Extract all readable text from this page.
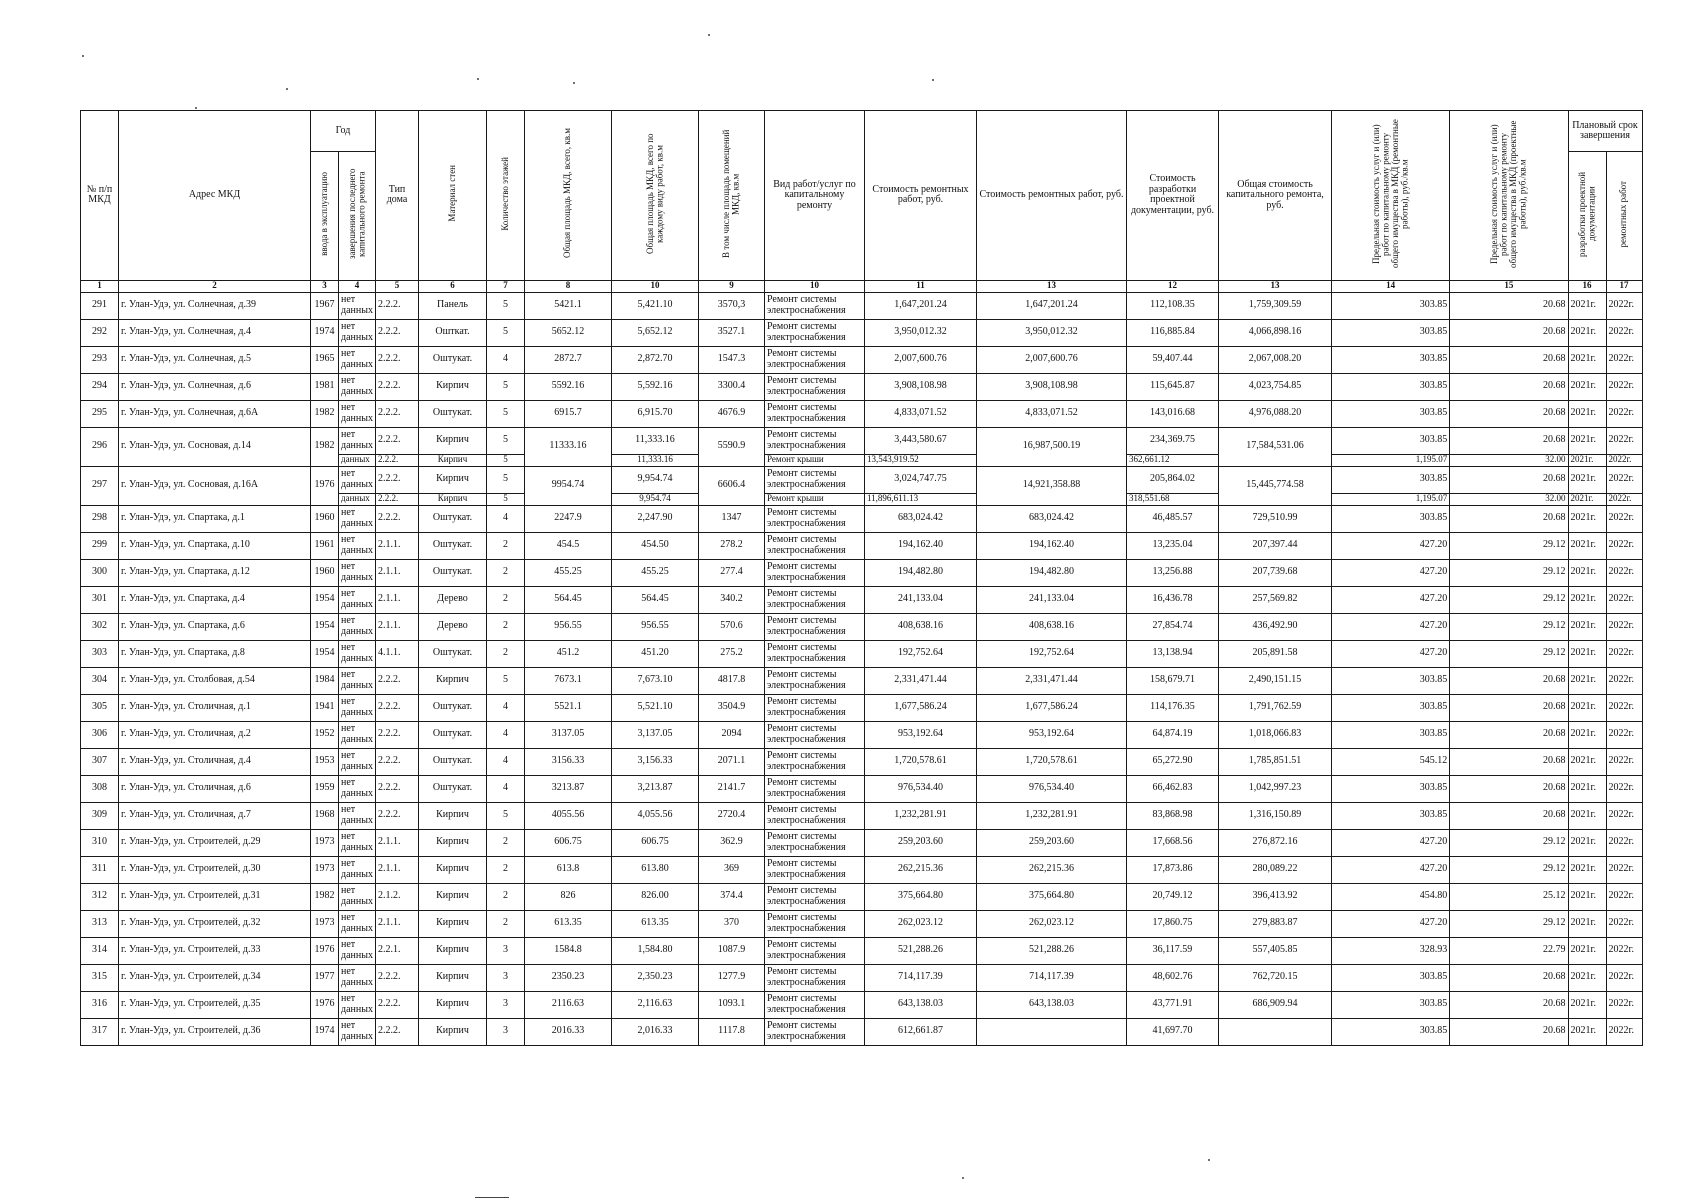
№ п/п МКД	Адрес МКД	Год		Тип дома	Материал стен	Количество этажей	Общая площадь МКД, всего, кв.м	Общая площадь МКД, всего по каждому виду работ, кв.м	В том числе площадь помещений МКД, кв.м	Вид работ/услуг по капитальному ремонту	Стоимость ремонтных работ, руб.	Стоимость ремонтных работ, руб.	Стоимость разработки проектной документации, руб.	Общая стоимость капитального ремонта, руб.	Предельная стоимость услуг и (или) работ по капитальному ремонту общего имущества в МКД (ремонтные работы), руб./кв.м	Предельная стоимость услуг и (или) работ по капитальному ремонту общего имущества в МКД (проектные работы), руб./кв.м	Плановый срок завершения	
		ввода в эксплуатацию	завершения последнего капитального ремонта														разработки проектной документации	ремонтных работ
1	2	3	4	5	6	7	8	10	9	10	11	13	12	13	14	15	16	17
291	г. Улан-Удэ, ул. Солнечная, д.39	1967	нет данных	2.2.2.	Панель	5	5421.1	5,421.10	3570,3	Ремонт системы электроснабжения	1,647,201.24	1,647,201.24	112,108.35	1,759,309.59	303.85	20.68	2021г.	2022г.
292	г. Улан-Удэ, ул. Солнечная, д.4	1974	нет данных	2.2.2.	Ошткат.	5	5652.12	5,652.12	3527.1	Ремонт системы электроснабжения	3,950,012.32	3,950,012.32	116,885.84	4,066,898.16	303.85	20.68	2021г.	2022г.
293	г. Улан-Удэ, ул. Солнечная, д.5	1965	нет данных	2.2.2.	Оштукат.	4	2872.7	2,872.70	1547.3	Ремонт системы электроснабжения	2,007,600.76	2,007,600.76	59,407.44	2,067,008.20	303.85	20.68	2021г.	2022г.
294	г. Улан-Удэ, ул. Солнечная, д.6	1981	нет данных	2.2.2.	Кирпич	5	5592.16	5,592.16	3300.4	Ремонт системы электроснабжения	3,908,108.98	3,908,108.98	115,645.87	4,023,754.85	303.85	20.68	2021г.	2022г.
295	г. Улан-Удэ, ул. Солнечная, д.6А	1982	нет данных	2.2.2.	Оштукат.	5	6915.7	6,915.70	4676.9	Ремонт системы электроснабжения	4,833,071.52	4,833,071.52	143,016.68	4,976,088.20	303.85	20.68	2021г.	2022г.
296	г. Улан-Удэ, ул. Сосновая, д.14	1982	нет данных	2.2.2.	Кирпич	5	11333.16	11,333.16	5590.9	Ремонт системы электроснабжения	3,443,580.67	16,987,500.19	234,369.75	17,584,531.06	303.85	20.68	2021г.	2022г.
			данных	2.2.2.	Кирпич	5		11,333.16		Ремонт крыши	13,543,919.52		362,661.12		1,195.07	32.00	2021г.	2022г.
297	г. Улан-Удэ, ул. Сосновая, д.16А	1976	нет данных	2.2.2.	Кирпич	5	9954.74	9,954.74	6606.4	Ремонт системы электроснабжения	3,024,747.75	14,921,358.88	205,864.02	15,445,774.58	303.85	20.68	2021г.	2022г.
			данных	2.2.2.	Кирпич	5		9,954.74		Ремонт крыши	11,896,611.13		318,551.68		1,195.07	32.00	2021г.	2022г.
298	г. Улан-Удэ, ул. Спартака, д.1	1960	нет данных	2.2.2.	Оштукат.	4	2247.9	2,247.90	1347	Ремонт системы электроснабжения	683,024.42	683,024.42	46,485.57	729,510.99	303.85	20.68	2021г.	2022г.
299	г. Улан-Удэ, ул. Спартака, д.10	1961	нет данных	2.1.1.	Оштукат.	2	454.5	454.50	278.2	Ремонт системы электроснабжения	194,162.40	194,162.40	13,235.04	207,397.44	427.20	29.12	2021г.	2022г.
300	г. Улан-Удэ, ул. Спартака, д.12	1960	нет данных	2.1.1.	Оштукат.	2	455.25	455.25	277.4	Ремонт системы электроснабжения	194,482.80	194,482.80	13,256.88	207,739.68	427.20	29.12	2021г.	2022г.
301	г. Улан-Удэ, ул. Спартака, д.4	1954	нет данных	2.1.1.	Дерево	2	564.45	564.45	340.2	Ремонт системы электроснабжения	241,133.04	241,133.04	16,436.78	257,569.82	427.20	29.12	2021г.	2022г.
302	г. Улан-Удэ, ул. Спартака, д.6	1954	нет данных	2.1.1.	Дерево	2	956.55	956.55	570.6	Ремонт системы электроснабжения	408,638.16	408,638.16	27,854.74	436,492.90	427.20	29.12	2021г.	2022г.
303	г. Улан-Удэ, ул. Спартака, д.8	1954	нет данных	4.1.1.	Оштукат.	2	451.2	451.20	275.2	Ремонт системы электроснабжения	192,752.64	192,752.64	13,138.94	205,891.58	427.20	29.12	2021г.	2022г.
304	г. Улан-Удэ, ул. Столбовая, д.54	1984	нет данных	2.2.2.	Кирпич	5	7673.1	7,673.10	4817.8	Ремонт системы электроснабжения	2,331,471.44	2,331,471.44	158,679.71	2,490,151.15	303.85	20.68	2021г.	2022г.
305	г. Улан-Удэ, ул. Столичная, д.1	1941	нет данных	2.2.2.	Оштукат.	4	5521.1	5,521.10	3504.9	Ремонт системы электроснабжения	1,677,586.24	1,677,586.24	114,176.35	1,791,762.59	303.85	20.68	2021г.	2022г.
306	г. Улан-Удэ, ул. Столичная, д.2	1952	нет данных	2.2.2.	Оштукат.	4	3137.05	3,137.05	2094	Ремонт системы электроснабжения	953,192.64	953,192.64	64,874.19	1,018,066.83	303.85	20.68	2021г.	2022г.
307	г. Улан-Удэ, ул. Столичная, д.4	1953	нет данных	2.2.2.	Оштукат.	4	3156.33	3,156.33	2071.1	Ремонт системы электроснабжения	1,720,578.61	1,720,578.61	65,272.90	1,785,851.51	545.12	20.68	2021г.	2022г.
308	г. Улан-Удэ, ул. Столичная, д.6	1959	нет данных	2.2.2.	Оштукат.	4	3213.87	3,213.87	2141.7	Ремонт системы электроснабжения	976,534.40	976,534.40	66,462.83	1,042,997.23	303.85	20.68	2021г.	2022г.
309	г. Улан-Удэ, ул. Столичная, д.7	1968	нет данных	2.2.2.	Кирпич	5	4055.56	4,055.56	2720.4	Ремонт системы электроснабжения	1,232,281.91	1,232,281.91	83,868.98	1,316,150.89	303.85	20.68	2021г.	2022г.
310	г. Улан-Удэ, ул. Строителей, д.29	1973	нет данных	2.1.1.	Кирпич	2	606.75	606.75	362.9	Ремонт системы электроснабжения	259,203.60	259,203.60	17,668.56	276,872.16	427.20	29.12	2021г.	2022г.
311	г. Улан-Удэ, ул. Строителей, д.30	1973	нет данных	2.1.1.	Кирпич	2	613.8	613.80	369	Ремонт системы электроснабжения	262,215.36	262,215.36	17,873.86	280,089.22	427.20	29.12	2021г.	2022г.
312	г. Улан-Удэ, ул. Строителей, д.31	1982	нет данных	2.1.2.	Кирпич	2	826	826.00	374.4	Ремонт системы электроснабжения	375,664.80	375,664.80	20,749.12	396,413.92	454.80	25.12	2021г.	2022г.
313	г. Улан-Удэ, ул. Строителей, д.32	1973	нет данных	2.1.1.	Кирпич	2	613.35	613.35	370	Ремонт системы электроснабжения	262,023.12	262,023.12	17,860.75	279,883.87	427.20	29.12	2021г.	2022г.
314	г. Улан-Удэ, ул. Строителей, д.33	1976	нет данных	2.2.1.	Кирпич	3	1584.8	1,584.80	1087.9	Ремонт системы электроснабжения	521,288.26	521,288.26	36,117.59	557,405.85	328.93	22.79	2021г.	2022г.
315	г. Улан-Удэ, ул. Строителей, д.34	1977	нет данных	2.2.2.	Кирпич	3	2350.23	2,350.23	1277.9	Ремонт системы электроснабжения	714,117.39	714,117.39	48,602.76	762,720.15	303.85	20.68	2021г.	2022г.
316	г. Улан-Удэ, ул. Строителей, д.35	1976	нет данных	2.2.2.	Кирпич	3	2116.63	2,116.63	1093.1	Ремонт системы электроснабжения	643,138.03	643,138.03	43,771.91	686,909.94	303.85	20.68	2021г.	2022г.
317	г. Улан-Удэ, ул. Строителей, д.36	1974	нет данных	2.2.2.	Кирпич	3	2016.33	2,016.33	1117.8	Ремонт системы электроснабжения	612,661.87		41,697.70		303.85	20.68	2021г.	2022г.
